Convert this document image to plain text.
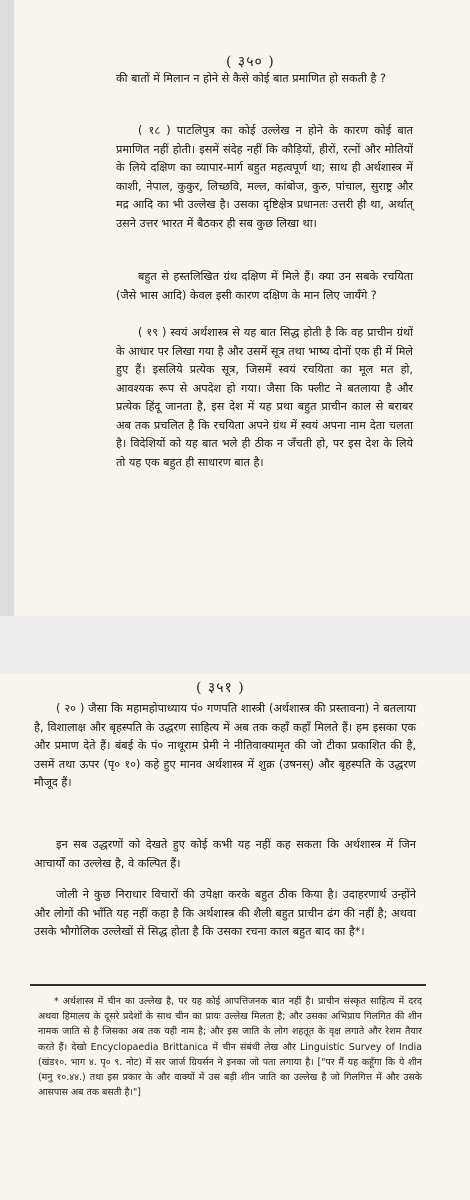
( ३५० )
की बातों में मिलान न होने से कैसे कोई बात प्रमाणित हो सकती है ?
( १८ ) पाटलिपुत्र का कोई उल्लेख न होने के कारण कोई बात प्रमाणित नहीं होती। इसमें संदेह नहीं कि कौड़ियों, हीरों, रत्नों और मोतियों के लिये दक्षिण का व्यापार-मार्ग बहुत महत्वपूर्ण था; साथ ही अर्थशास्त्र में काशी, नेपाल, कुकुर, लिच्छवि, मल्ल, कांबोज, कुरु, पांचाल, सुराष्ट्र और मद्र आदि का भी उल्लेख है। उसका दृष्टिक्षेत्र प्रधानतः उत्तरी ही था, अर्थात् उसने उत्तर भारत में बैठकर ही सब कुछ लिखा था।
बहुत से हस्तलिखित ग्रंथ दक्षिण में मिले हैं। क्या उन सबके रचयिता (जैसे भास आदि) केवल इसी कारण दक्षिण के मान लिए जायँगे ?
( १९ ) स्वयं अर्थशास्त्र से यह बात सिद्ध होती है कि वह प्राचीन ग्रंथों के आधार पर लिखा गया है और उसमें सूत्र तथा भाष्य दोनों एक ही में मिले हुए हैं। इसलिये प्रत्येक सूत्र, जिसमें स्वयं रचयिता का मूल मत हो, आवश्यक रूप से अपदेश हो गया। जैसा कि फ्लीट ने बतलाया है और प्रत्येक हिंदू जानता है, इस देश में यह प्रथा बहुत प्राचीन काल से बराबर अब तक प्रचलित है कि रचयिता अपने ग्रंथ में स्वयं अपना नाम देता चलता है। विदेशियों को यह बात भले ही ठीक न जँचती हो, पर इस देश के लिये तो यह एक बहुत ही साधारण बात है।
( ३५१ )
( २० ) जैसा कि महामहोपाध्याय पं० गणपति शास्त्री (अर्थशास्त्र की प्रस्तावना) ने बतलाया है, विशालाक्ष और बृहस्पति के उद्धरण साहित्य में अब तक कहाँ कहाँ मिलते हैं। हम इसका एक और प्रमाण देते हैं। बंबई के पं० नाथूराम प्रेमी ने नीतिवाक्यामृत की जो टीका प्रकाशित की है, उसमें तथा ऊपर (पृ० १०) कहे हुए मानव अर्थशास्त्र में शुक्र (उषनस्) और बृहस्पति के उद्धरण मौजूद हैं।
इन सब उद्धरणों को देखते हुए कोई कभी यह नहीं कह सकता कि अर्थशास्त्र में जिन आचार्यों का उल्लेख है, वे कल्पित हैं।
जोली ने कुछ निराधार विचारों की उपेक्षा करके बहुत ठीक किया है। उदाहरणार्थ उन्होंने और लोगों की भाँति यह नहीं कहा है कि अर्थशास्त्र की शैली बहुत प्राचीन ढंग की नहीं है; अथवा उसके भौगोलिक उल्लेखों से सिद्ध होता है कि उसका रचना काल बहुत बाद का है*।
* अर्थशास्त्र में चीन का उल्लेख है, पर यह कोई आपत्तिजनक बात नहीं है। प्राचीन संस्कृत साहित्य में दरद अथवा हिमालय के दूसरे प्रदेशों के साथ चीन का प्रायः उल्लेख मिलता है; और उसका अभिप्राय गिलगित की शीन नामक जाति से है जिसका अब तक यही नाम है; और इस जाति के लोग शहतूत के वृक्ष लगाते और रेशम तैयार करते हैं। देखो Encyclopaedia Brittanica में चीन संबंधी लेख और Linguistic Survey of India (खंड१०. भाग ४. पृ० ९. नोट) में सर जार्ज ग्रियर्सन ने इनका जो पता लगाया है। ["पर मैं यह कहूँगा कि ये शीन (मनु १०.४४.) तथा इस प्रकार के और वाक्यों में उस बड़ी शीन जाति का उल्लेख है जो गिलगित्त में और उसके आसपास अब तक बसती है।"]
